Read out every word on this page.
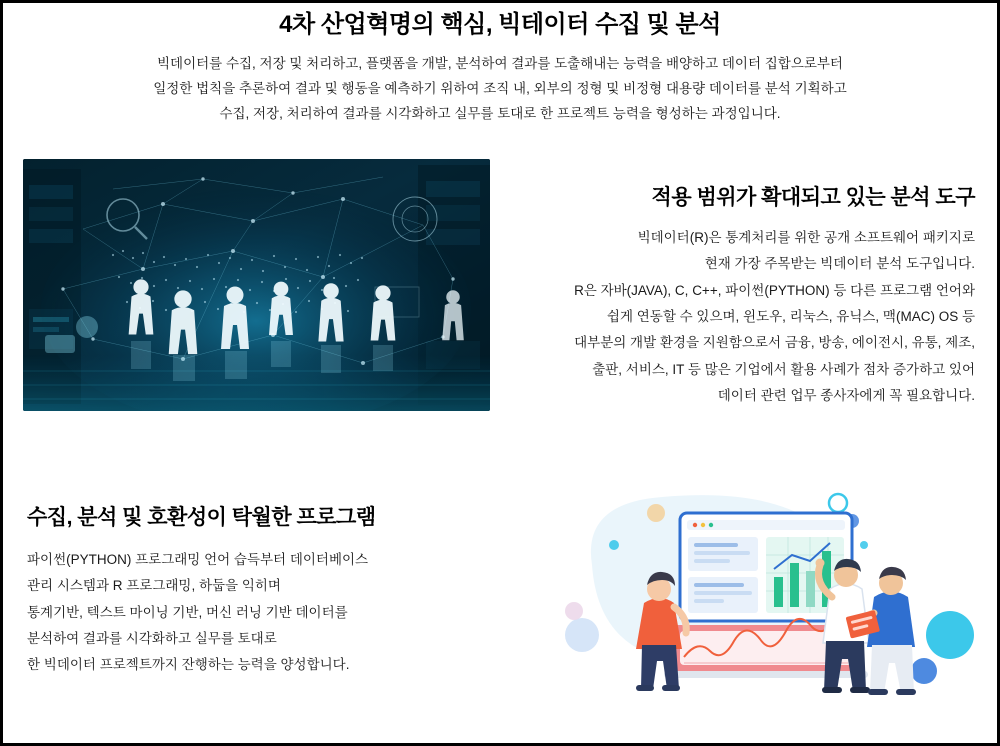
4차 산업혁명의 핵심, 빅테이터 수집 및 분석
빅데이터를 수집, 저장 및 처리하고, 플랫폼을 개발, 분석하여 결과를 도출해내는 능력을 배양하고 데이터 집합으로부터
일정한 법칙을 추론하여 결과 및 행동을 예측하기 위하여 조직 내, 외부의 정형 및 비정형 대용량 데이터를 분석 기획하고
수집, 저장, 처리하여 결과를 시각화하고 실무를 토대로 한 프로젝트 능력을 형성하는 과정입니다.
적용 범위가 확대되고 있는 분석 도구
빅데이터(R)은 통계처리를 위한 공개 소프트웨어 패키지로
현재 가장 주목받는 빅데이터 분석 도구입니다.
R은 자바(JAVA), C, C++, 파이썬(PYTHON) 등 다른 프로그램 언어와
쉽게 연동할 수 있으며, 윈도우, 리눅스, 유닉스, 맥(MAC) OS 등
대부분의 개발 환경을 지원함으로서 금융, 방송, 에이전시, 유통, 제조,
출판, 서비스, IT 등 많은 기업에서 활용 사례가 점차 증가하고 있어
데이터 관련 업무 종사자에게 꼭 필요합니다.
수집, 분석 및 호환성이 탁월한 프로그램
파이썬(PYTHON) 프로그래밍 언어 습득부터 데이터베이스
관리 시스템과 R 프로그래밍, 하둡을 익히며
통계기반, 텍스트 마이닝 기반, 머신 러닝 기반 데이터를
분석하여 결과를 시각화하고 실무를 토대로
한 빅데이터 프로젝트까지 잔행하는 능력을 양성합니다.
